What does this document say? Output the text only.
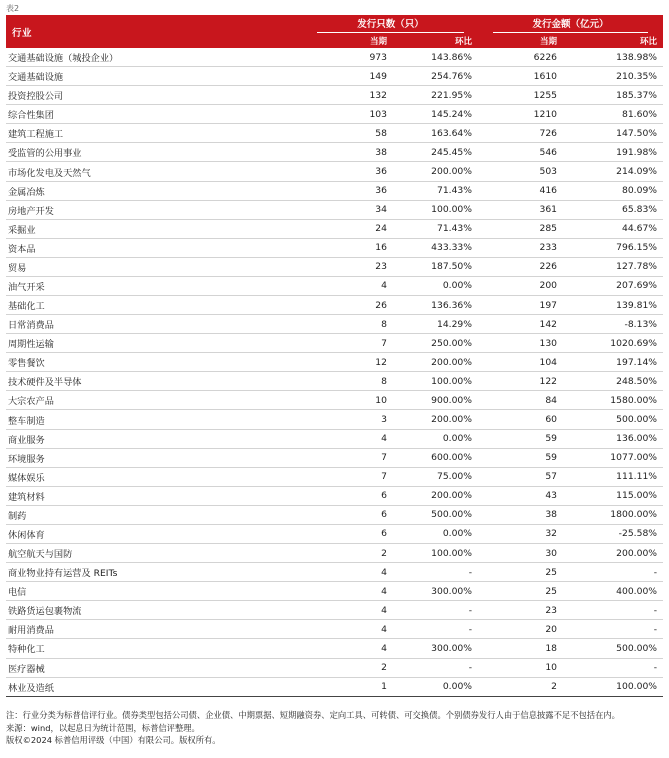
表2
行业	发行只数（只）		发行金额（亿元）	
	当期	环比	当期	环比
交通基础设施（城投企业）	973	143.86%	6226	138.98%
交通基础设施	149	254.76%	1610	210.35%
投资控股公司	132	221.95%	1255	185.37%
综合性集团	103	145.24%	1210	81.60%
建筑工程施工	58	163.64%	726	147.50%
受监管的公用事业	38	245.45%	546	191.98%
市场化发电及天然气	36	200.00%	503	214.09%
金属冶炼	36	71.43%	416	80.09%
房地产开发	34	100.00%	361	65.83%
采掘业	24	71.43%	285	44.67%
资本品	16	433.33%	233	796.15%
贸易	23	187.50%	226	127.78%
油气开采	4	0.00%	200	207.69%
基础化工	26	136.36%	197	139.81%
日常消费品	8	14.29%	142	-8.13%
周期性运输	7	250.00%	130	1020.69%
零售餐饮	12	200.00%	104	197.14%
技术硬件及半导体	8	100.00%	122	248.50%
大宗农产品	10	900.00%	84	1580.00%
整车制造	3	200.00%	60	500.00%
商业服务	4	0.00%	59	136.00%
环境服务	7	600.00%	59	1077.00%
媒体娱乐	7	75.00%	57	111.11%
建筑材料	6	200.00%	43	115.00%
制药	6	500.00%	38	1800.00%
休闲体育	6	0.00%	32	-25.58%
航空航天与国防	2	100.00%	30	200.00%
商业物业持有运营及 REITs	4	-	25	-
电信	4	300.00%	25	400.00%
铁路货运包裹物流	4	-	23	-
耐用消费品	4	-	20	-
特种化工	4	300.00%	18	500.00%
医疗器械	2	-	10	-
林业及造纸	1	0.00%	2	100.00%
注：行业分类为标普信评行业。债券类型包括公司债、企业债、中期票据、短期融资券、定向工具、可转债、可交换债。个别债券发行人由于信息披露不足不包括在内。
来源：wind，以起息日为统计范围，标普信评整理。
版权©2024 标普信用评级（中国）有限公司。版权所有。
